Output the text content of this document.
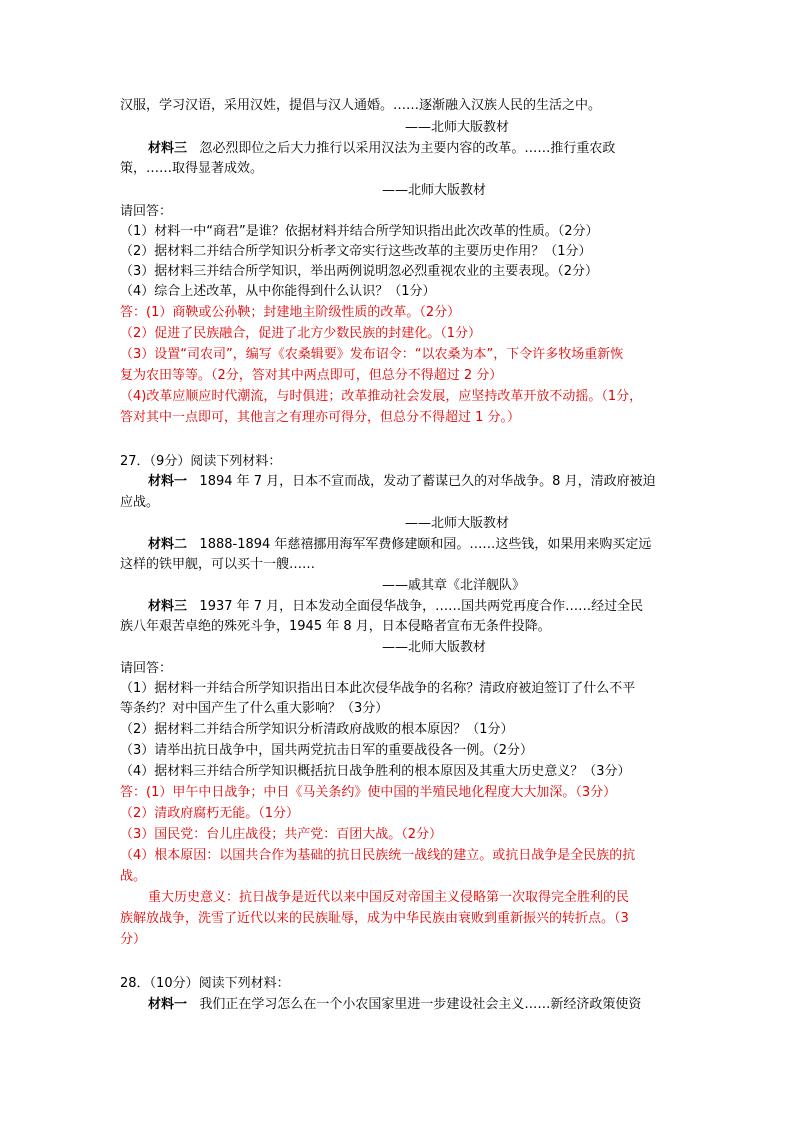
汉服，学习汉语，采用汉姓，提倡与汉人通婚。……逐渐融入汉族人民的生活之中。
——北师大版教材
材料三 忽必烈即位之后大力推行以采用汉法为主要内容的改革。……推行重农政
策，……取得显著成效。
——北师大版教材
请回答：
（1）材料一中“商君”是谁？依据材料并结合所学知识指出此次改革的性质。（2分）
（2）据材料二并结合所学知识分析孝文帝实行这些改革的主要历史作用？（1分）
（3）据材料三并结合所学知识，举出两例说明忽必烈重视农业的主要表现。（2分）
（4）综合上述改革，从中你能得到什么认识？（1分）
答：(1）商鞅或公孙鞅；封建地主阶级性质的改革。（2分）
（2）促进了民族融合，促进了北方少数民族的封建化。（1分）
（3）设置“司农司”，编写《农桑辑要》发布诏令：“以农桑为本”，下令许多牧场重新恢
复为农田等等。（2分，答对其中两点即可，但总分不得超过 2 分）
（4)改革应顺应时代潮流，与时俱进；改革推动社会发展，应坚持改革开放不动摇。（1分，
答对其中一点即可，其他言之有理亦可得分，但总分不得超过 1 分。）
27．（9分）阅读下列材料：
材料一 1894 年 7 月，日本不宣而战，发动了蓄谋已久的对华战争。8 月，清政府被迫
应战。
——北师大版教材
材料二 1888-1894 年慈禧挪用海军军费修建颐和园。……这些钱，如果用来购买定远
这样的铁甲舰，可以买十一艘……
——戚其章《北洋舰队》
材料三 1937 年 7 月，日本发动全面侵华战争，……国共两党再度合作……经过全民
族八年艰苦卓绝的殊死斗争，1945 年 8 月，日本侵略者宣布无条件投降。
——北师大版教材
请回答：
（1）据材料一并结合所学知识指出日本此次侵华战争的名称？清政府被迫签订了什么不平
等条约？对中国产生了什么重大影响？（3分）
（2）据材料二并结合所学知识分析清政府战败的根本原因？（1分）
（3）请举出抗日战争中，国共两党抗击日军的重要战役各一例。（2分）
（4）据材料三并结合所学知识概括抗日战争胜利的根本原因及其重大历史意义？（3分）
答：(1）甲午中日战争；中日《马关条约》使中国的半殖民地化程度大大加深。（3分）
（2）清政府腐朽无能。（1分）
（3）国民党：台儿庄战役；共产党：百团大战。（2分）
（4）根本原因：以国共合作为基础的抗日民族统一战线的建立。或抗日战争是全民族的抗
战。
重大历史意义：抗日战争是近代以来中国反对帝国主义侵略第一次取得完全胜利的民
族解放战争，洗雪了近代以来的民族耻辱，成为中华民族由衰败到重新振兴的转折点。（3
分）
28．（10分）阅读下列材料：
材料一 我们正在学习怎么在一个小农国家里进一步建设社会主义……新经济政策使资
